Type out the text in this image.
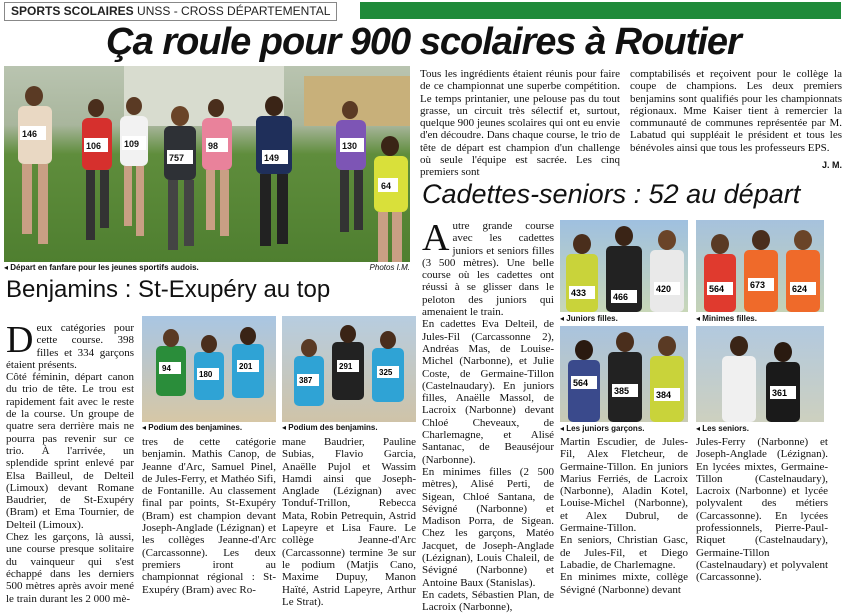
SPORTS SCOLAIRES UNSS - CROSS DÉPARTEMENTAL
Ça roule pour 900 scolaires à Routier
146
106	109
757
98
149
130
64
◂ Départ en fanfare pour les jeunes sportifs audois.	Photos I.M.

Tous les ingrédients étaient réunis pour faire de ce championnat une superbe compétition. Le temps printanier, une pelouse pas du tout grasse, un circuit très sélectif et, surtout, quelque 900 jeunes scolaires qui ont eu envie d'en découdre. Dans chaque course, le trio de tête de départ est champion d'un challenge où seule l'équipe est sacrée. Les cinq premiers sont

comptabilisés et reçoivent pour le collège la coupe de champions. Les deux premiers benjamins sont qualifiés pour les championnats régionaux. Mme Kaiser tient à remercier la communauté de communes représentée par M. Labatud qui suppléait le président et tous les bénévoles ainsi que tous les professeurs EPS.

J. M.
Cadettes-seniors : 52 au départ
Benjamins : St-Exupéry au top
D eux catégories pour cette course. 398 filles et 334 garçons étaient présents.

Côté féminin, départ canon du trio de tête. Le trou est rapidement fait avec le reste de la course. Un groupe de quatre sera derrière mais ne pourra pas revenir sur ce trio. À l'arrivée, un splendide sprint enlevé par Elsa Bailleul, de Delteil (Limoux) devant Romane Baudrier, de St-Exupéry (Bram) et Ema Tournier, de Delteil (Limoux).

Chez les garçons, là aussi, une course presque solitaire du vainqueur qui s'est échappé dans les derniers 500 mètres après avoir mené le train durant les 2 000 mè-

94
180
201
◂ Podium des benjamines.
387
291
325
◂ Podium des benjamins.

tres de cette catégorie benjamin. Mathis Canop, de Jeanne d'Arc, Samuel Pinel, de Jules-Ferry, et Mathéo Sifi, de Fontanille. Au classement final par points, St-Exupéry (Bram) est champion devant Joseph-Anglade (Lézignan) et les collèges Jeanne-d'Arc (Carcassonne). Les deux premiers iront au championnat régional : St-Exupéry (Bram) avec Ro-

mane Baudrier, Pauline Subias, Flavio Garcia, Anaëlle Pujol et Wassim Hamdi ainsi que Joseph-Anglade (Lézignan) avec Tonduf-Trillon, Rebecca Mata, Robin Petrequin, Astrid Lapeyre et Lisa Faure. Le collège Jeanne-d'Arc (Carcassonne) termine 3e sur le podium (Matjis Cano, Maxime Dupuy, Manon Haïté, Astrid Lapeyre, Arthur Le Strat).

A utre grande course avec les cadettes juniors et seniors filles (3 500 mètres). Une belle course où les cadettes ont réussi à se glisser dans le peloton des juniors qui amenaient le train.

En cadettes Eva Delteil, de Jules-Fil (Carcassonne 2), Andréas Mas, de Louise-Michel (Narbonne), et Julie Coste, de Germaine-Tillon (Castelnaudary). En juniors filles, Anaëlle Massol, de Lacroix (Narbonne) devant Chloé Cheveaux, de Charlemagne, et Alisé Santanac, de Beauséjour (Narbonne).

En minimes filles (2 500 mètres), Alisé Perti, de Sigean, Chloé Santana, de Sévigné (Narbonne) et Madison Porra, de Sigean. Chez les garçons, Matéo Jacquet, de Joseph-Anglade (Lézignan), Louis Chaleil, de Sévigné (Narbonne) et Antoine Baux (Stanislas).

En cadets, Sébastien Plan, de Lacroix (Narbonne),

433	466
420
◂ Juniors filles.
564	673	624
◂ Minimes filles.
564
385	384
◂ Les juniors garçons.
361
◂ Les seniors.

Martin Escudier, de Jules-Fil, Alex Fletcheur, de Germaine-Tillon. En juniors Marius Ferriés, de Lacroix (Narbonne), Aladin Kotel, Louise-Michel (Narbonne), et Alex Dubrul, de Germaine-Tillon.

En seniors, Christian Gasc, de Jules-Fil, et Diego Labadie, de Charlemagne.

En minimes mixte, collège Sévigné (Narbonne) devant

Jules-Ferry (Narbonne) et Joseph-Anglade (Lézignan). En lycées mixtes, Germaine-Tillon (Castelnaudary), Lacroix (Narbonne) et lycée polyvalent des métiers (Carcassonne). En lycées professionnels, Pierre-Paul-Riquet (Castelnaudary), Germaine-Tillon (Castelnaudary) et polyvalent (Carcassonne).
